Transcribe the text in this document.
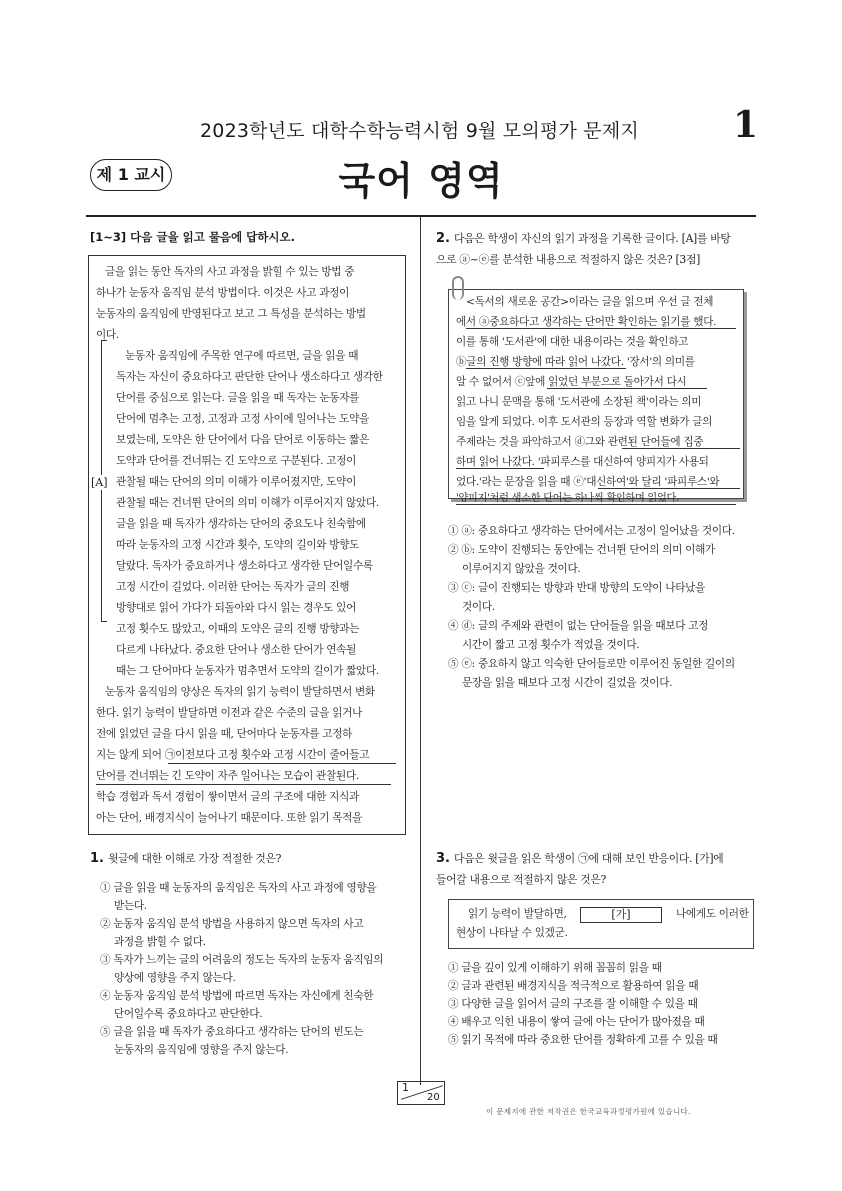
2023학년도 대학수학능력시험 9월 모의평가 문제지	1
제 1 교시	국어 영역
[1~3] 다음 글을 읽고 물음에 답하시오.
[A]
글을 읽는 동안 독자의 사고 과정을 밝힐 수 있는 방법 중
하나가 눈동자 움직임 분석 방법이다. 이것은 사고 과정이
눈동자의 움직임에 반영된다고 보고 그 특성을 분석하는 방법
이다.
눈동자 움직임에 주목한 연구에 따르면, 글을 읽을 때
독자는 자신이 중요하다고 판단한 단어나 생소하다고 생각한
단어를 중심으로 읽는다. 글을 읽을 때 독자는 눈동자를
단어에 멈추는 고정, 고정과 고정 사이에 일어나는 도약을
보였는데, 도약은 한 단어에서 다음 단어로 이동하는 짧은
도약과 단어를 건너뛰는 긴 도약으로 구분된다. 고정이
관찰될 때는 단어의 의미 이해가 이루어졌지만, 도약이
관찰될 때는 건너뛴 단어의 의미 이해가 이루어지지 않았다.
글을 읽을 때 독자가 생각하는 단어의 중요도나 친숙함에
따라 눈동자의 고정 시간과 횟수, 도약의 길이와 방향도
달랐다. 독자가 중요하거나 생소하다고 생각한 단어일수록
고정 시간이 길었다. 이러한 단어는 독자가 글의 진행
방향대로 읽어 가다가 되돌아와 다시 읽는 경우도 있어
고정 횟수도 많았고, 이때의 도약은 글의 진행 방향과는
다르게 나타났다. 중요한 단어나 생소한 단어가 연속될
때는 그 단어마다 눈동자가 멈추면서 도약의 길이가 짧았다.
눈동자 움직임의 양상은 독자의 읽기 능력이 발달하면서 변화
한다. 읽기 능력이 발달하면 이전과 같은 수준의 글을 읽거나
전에 읽었던 글을 다시 읽을 때, 단어마다 눈동자를 고정하
지는 않게 되어 ㉠이전보다 고정 횟수와 고정 시간이 줄어들고
단어를 건너뛰는 긴 도약이 자주 일어나는 모습이 관찰된다.
학습 경험과 독서 경험이 쌓이면서 글의 구조에 대한 지식과
아는 단어, 배경지식이 늘어나기 때문이다. 또한 읽기 목적을
1. 윗글에 대한 이해로 가장 적절한 것은?
① 글을 읽을 때 눈동자의 움직임은 독자의 사고 과정에 영향을
받는다.
② 눈동자 움직임 분석 방법을 사용하지 않으면 독자의 사고
과정을 밝힐 수 없다.
③ 독자가 느끼는 글의 어려움의 정도는 독자의 눈동자 움직임의
양상에 영향을 주지 않는다.
④ 눈동자 움직임 분석 방법에 따르면 독자는 자신에게 친숙한
단어일수록 중요하다고 판단한다.
⑤ 글을 읽을 때 독자가 중요하다고 생각하는 단어의 빈도는
눈동자의 움직임에 영향을 주지 않는다.
2. 다음은 학생이 자신의 읽기 과정을 기록한 글이다. [A]를 바탕
으로 ⓐ~ⓔ를 분석한 내용으로 적절하지 않은 것은? [3점]
<독서의 새로운 공간>이라는 글을 읽으며 우선 글 전체
에서 ⓐ중요하다고 생각하는 단어만 확인하는 읽기를 했다.
이를 통해 '도서관'에 대한 내용이라는 것을 확인하고
ⓑ글의 진행 방향에 따라 읽어 나갔다. '장서'의 의미를
알 수 없어서 ⓒ앞에 읽었던 부분으로 돌아가서 다시
읽고 나니 문맥을 통해 '도서관에 소장된 책'이라는 의미
임을 알게 되었다. 이후 도서관의 등장과 역할 변화가 글의
주제라는 것을 파악하고서 ⓓ그와 관련된 단어들에 집중
하며 읽어 나갔다. '파피루스를 대신하여 양피지가 사용되
었다.'라는 문장을 읽을 때 ⓔ'대신하여'와 달리 '파피루스'와
'양피지'처럼 생소한 단어는 하나씩 확인하며 읽었다.
① ⓐ: 중요하다고 생각하는 단어에서는 고정이 일어났을 것이다.
② ⓑ: 도약이 진행되는 동안에는 건너뛴 단어의 의미 이해가
이루어지지 않았을 것이다.
③ ⓒ: 글이 진행되는 방향과 반대 방향의 도약이 나타났을
것이다.
④ ⓓ: 글의 주제와 관련이 없는 단어들을 읽을 때보다 고정
시간이 짧고 고정 횟수가 적었을 것이다.
⑤ ⓔ: 중요하지 않고 익숙한 단어들로만 이루어진 동일한 길이의
문장을 읽을 때보다 고정 시간이 길었을 것이다.
3. 다음은 윗글을 읽은 학생이 ㉠에 대해 보인 반응이다. [가]에
들어갈 내용으로 적절하지 않은 것은?
읽기 능력이 발달하면,	[가]	나에게도 이러한
현상이 나타날 수 있겠군.
① 글을 깊이 있게 이해하기 위해 꼼꼼히 읽을 때
② 글과 관련된 배경지식을 적극적으로 활용하여 읽을 때
③ 다양한 글을 읽어서 글의 구조를 잘 이해할 수 있을 때
④ 배우고 익힌 내용이 쌓여 글에 아는 단어가 많아졌을 때
⑤ 읽기 목적에 따라 중요한 단어를 정확하게 고를 수 있을 때
1
20
이 문제지에 관한 저작권은 한국교육과정평가원에 있습니다.
